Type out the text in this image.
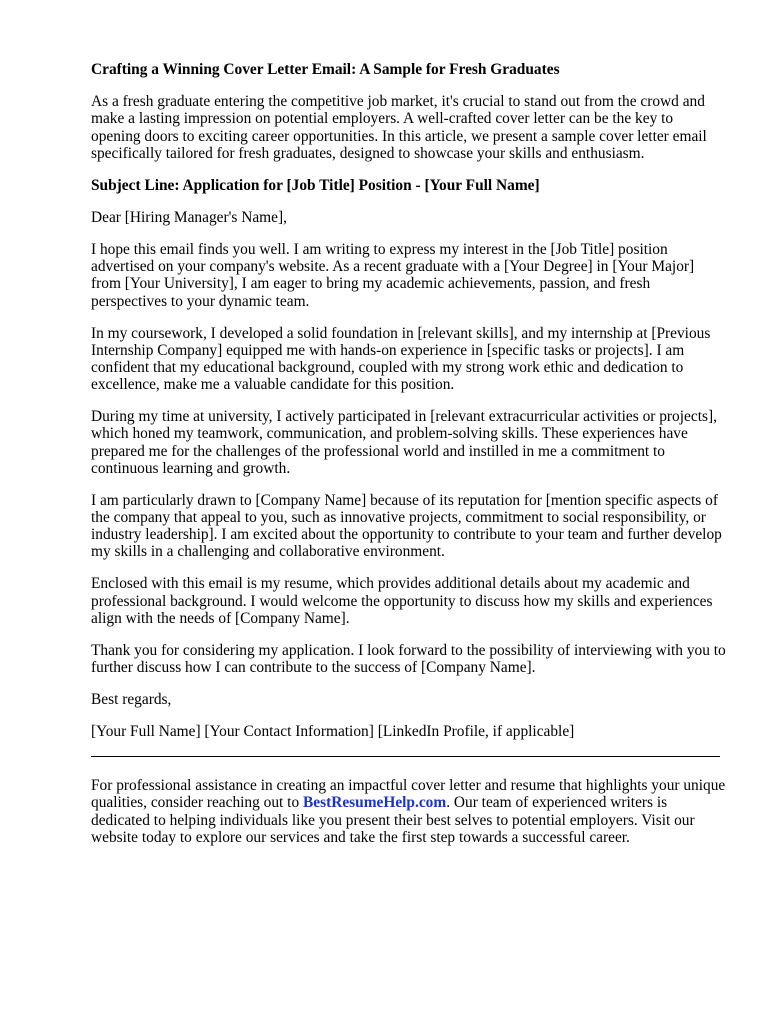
Crafting a Winning Cover Letter Email: A Sample for Fresh Graduates

As a fresh graduate entering the competitive job market, it's crucial to stand out from the crowd and make a lasting impression on potential employers. A well-crafted cover letter can be the key to opening doors to exciting career opportunities. In this article, we present a sample cover letter email specifically tailored for fresh graduates, designed to showcase your skills and enthusiasm.

Subject Line: Application for [Job Title] Position - [Your Full Name]

Dear [Hiring Manager's Name],

I hope this email finds you well. I am writing to express my interest in the [Job Title] position advertised on your company's website. As a recent graduate with a [Your Degree] in [Your Major] from [Your University], I am eager to bring my academic achievements, passion, and fresh perspectives to your dynamic team.

In my coursework, I developed a solid foundation in [relevant skills], and my internship at [Previous Internship Company] equipped me with hands-on experience in [specific tasks or projects]. I am confident that my educational background, coupled with my strong work ethic and dedication to excellence, make me a valuable candidate for this position.

During my time at university, I actively participated in [relevant extracurricular activities or projects], which honed my teamwork, communication, and problem-solving skills. These experiences have prepared me for the challenges of the professional world and instilled in me a commitment to continuous learning and growth.

I am particularly drawn to [Company Name] because of its reputation for [mention specific aspects of the company that appeal to you, such as innovative projects, commitment to social responsibility, or industry leadership]. I am excited about the opportunity to contribute to your team and further develop my skills in a challenging and collaborative environment.

Enclosed with this email is my resume, which provides additional details about my academic and professional background. I would welcome the opportunity to discuss how my skills and experiences align with the needs of [Company Name].

Thank you for considering my application. I look forward to the possibility of interviewing with you to further discuss how I can contribute to the success of [Company Name].

Best regards,

[Your Full Name] [Your Contact Information] [LinkedIn Profile, if applicable]

For professional assistance in creating an impactful cover letter and resume that highlights your unique qualities, consider reaching out to BestResumeHelp.com. Our team of experienced writers is dedicated to helping individuals like you present their best selves to potential employers. Visit our website today to explore our services and take the first step towards a successful career.
